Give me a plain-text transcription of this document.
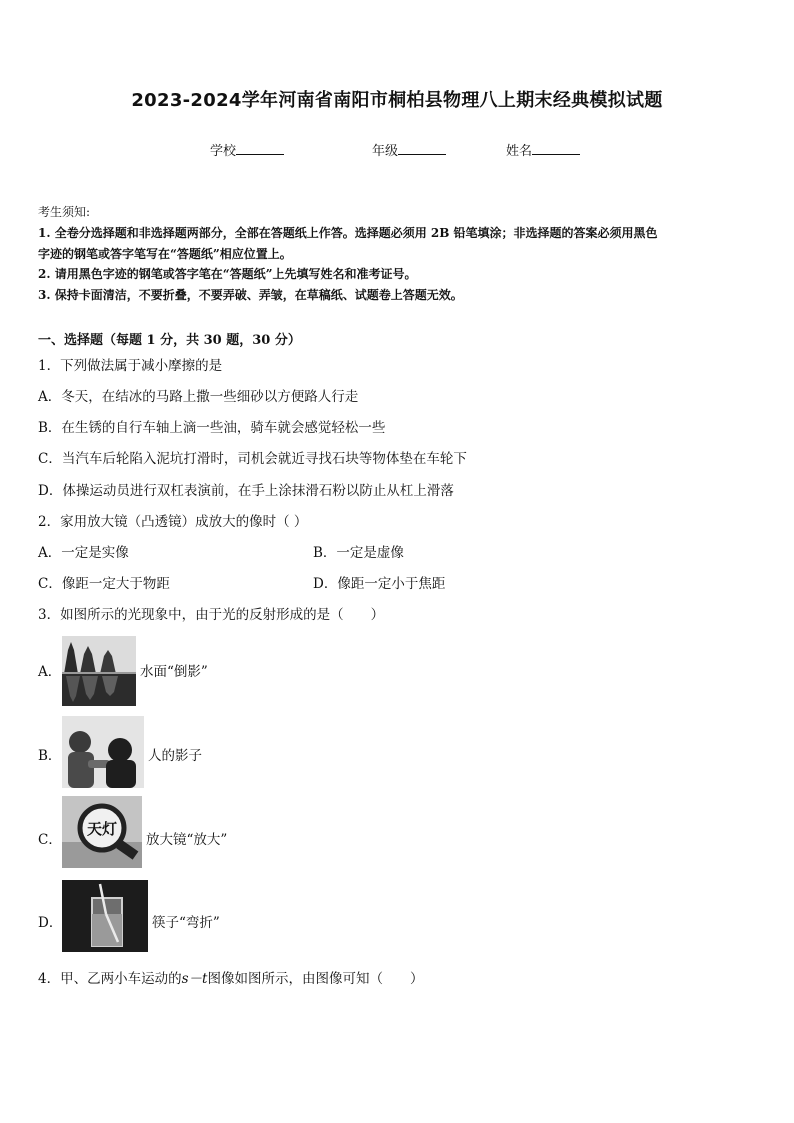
2023-2024学年河南省南阳市桐柏县物理八上期末经典模拟试题
学校	年级	姓名
考生须知:
1. 全卷分选择题和非选择题两部分，全部在答题纸上作答。选择题必须用 2B 铅笔填涂；非选择题的答案必须用黑色
字迹的钢笔或答字笔写在“答题纸”相应位置上。
2. 请用黑色字迹的钢笔或答字笔在“答题纸”上先填写姓名和准考证号。
3. 保持卡面清洁，不要折叠，不要弄破、弄皱，在草稿纸、试题卷上答题无效。
一、选择题（每题 1 分，共 30 题，30 分）
1．下列做法属于减小摩擦的是
A．冬天，在结冰的马路上撒一些细砂以方便路人行走
B．在生锈的自行车轴上滴一些油，骑车就会感觉轻松一些
C．当汽车后轮陷入泥坑打滑时，司机会就近寻找石块等物体垫在车轮下
D．体操运动员进行双杠表演前，在手上涂抹滑石粉以防止从杠上滑落
2．家用放大镜（凸透镜）成放大的像时（ ）
A．一定是实像	B．一定是虚像
C．像距一定大于物距	D．像距一定小于焦距
3．如图所示的光现象中，由于光的反射形成的是（　　）
A．	水面“倒影”
B．	人的影子
C．
天灯
放大镜“放大”
D．	筷子“弯折”
4．甲、乙两小车运动的s－t图像如图所示，由图像可知（　　）
